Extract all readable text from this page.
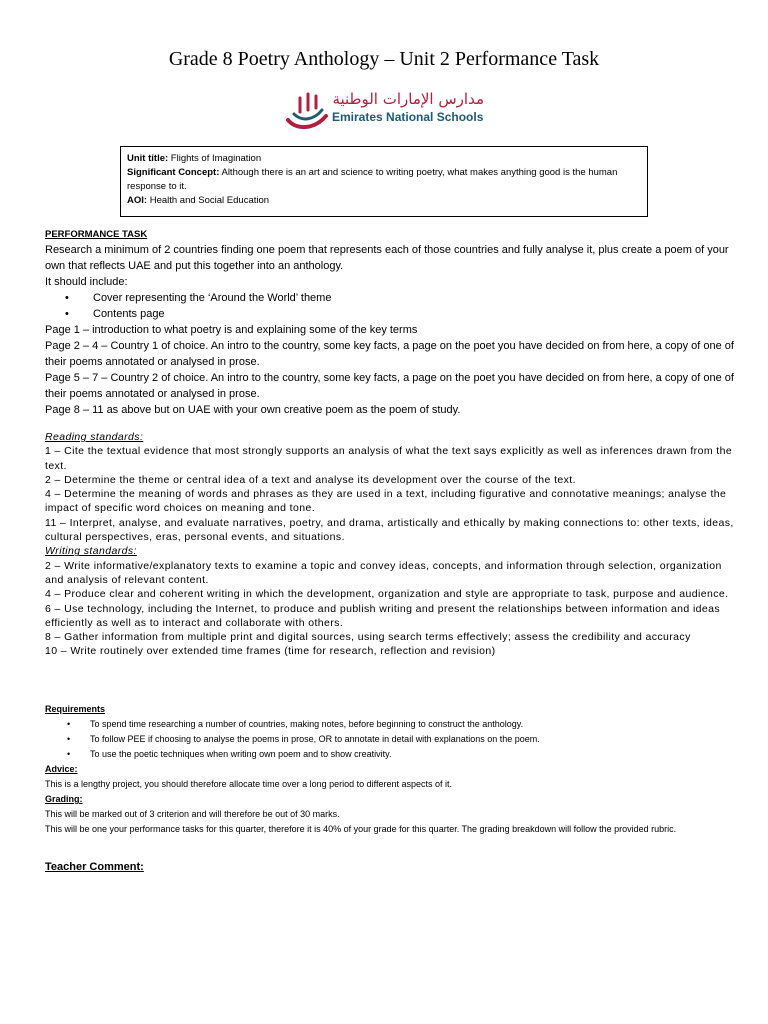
Grade 8 Poetry Anthology – Unit 2 Performance Task
مدارس الإمارات الوطنية
Emirates National Schools
Unit title: Flights of Imagination
Significant Concept: Although there is an art and science to writing poetry, what makes anything good is the human response to it.
AOI: Health and Social Education
PERFORMANCE TASK
Research a minimum of 2 countries finding one poem that represents each of those countries and fully analyse it, plus create a poem of your own that reflects UAE and put this together into an anthology.
It should include:
• Cover representing the ‘Around the World’ theme
• Contents page
Page 1 – introduction to what poetry is and explaining some of the key terms
Page 2 – 4 – Country 1 of choice. An intro to the country, some key facts, a page on the poet you have decided on from here, a copy of one of their poems annotated or analysed in prose.
Page 5 – 7 – Country 2 of choice. An intro to the country, some key facts, a page on the poet you have decided on from here, a copy of one of their poems annotated or analysed in prose.
Page 8 – 11 as above but on UAE with your own creative poem as the poem of study.
Reading standards:
1 – Cite the textual evidence that most strongly supports an analysis of what the text says explicitly as well as inferences drawn from the text.
2 – Determine the theme or central idea of a text and analyse its development over the course of the text.
4 – Determine the meaning of words and phrases as they are used in a text, including figurative and connotative meanings; analyse the impact of specific word choices on meaning and tone.
11 – Interpret, analyse, and evaluate narratives, poetry, and drama, artistically and ethically by making connections to: other texts, ideas, cultural perspectives, eras, personal events, and situations.
Writing standards:
2 – Write informative/explanatory texts to examine a topic and convey ideas, concepts, and information through selection, organization and analysis of relevant content.
4 – Produce clear and coherent writing in which the development, organization and style are appropriate to task, purpose and audience.
6 – Use technology, including the Internet, to produce and publish writing and present the relationships between information and ideas efficiently as well as to interact and collaborate with others.
8 – Gather information from multiple print and digital sources, using search terms effectively; assess the credibility and accuracy
10 – Write routinely over extended time frames (time for research, reflection and revision)
Requirements
• To spend time researching a number of countries, making notes, before beginning to construct the anthology.
• To follow PEE if choosing to analyse the poems in prose, OR to annotate in detail with explanations on the poem.
• To use the poetic techniques when writing own poem and to show creativity.
Advice:
This is a lengthy project, you should therefore allocate time over a long period to different aspects of it.
Grading:
This will be marked out of 3 criterion and will therefore be out of 30 marks.
This will be one your performance tasks for this quarter, therefore it is 40% of your grade for this quarter. The grading breakdown will follow the provided rubric.
Teacher Comment:
